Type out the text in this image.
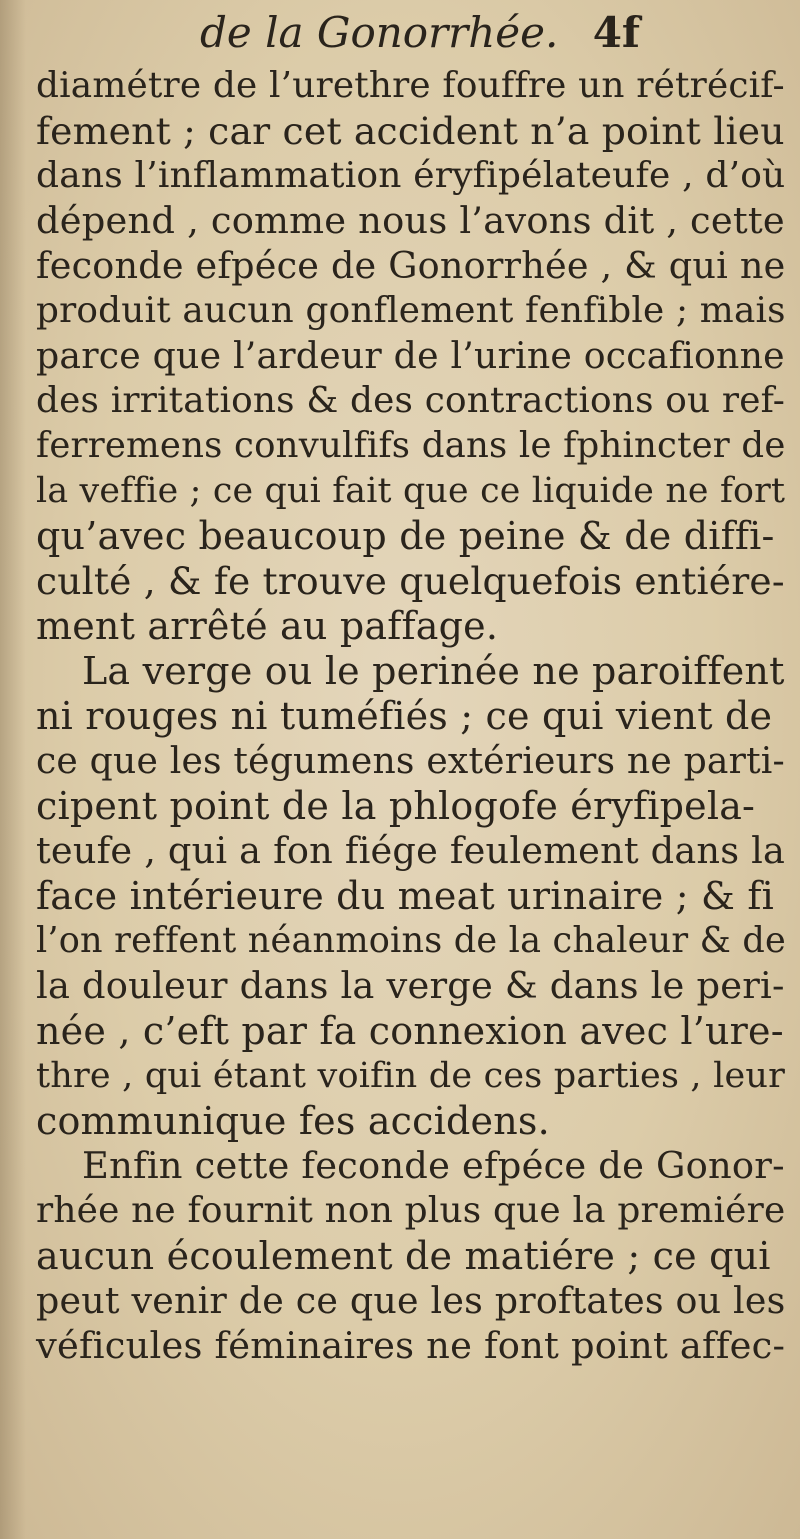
de la Gonorrhée. 4f
diamétre de l’urethre fouffre un rétrécif-
fement ; car cet accident n’a point lieu
dans l’inflammation éryfipélateufe , d’où
dépend , comme nous l’avons dit , cette
feconde efpéce de Gonorrhée , & qui ne
produit aucun gonflement fenfible ; mais
parce que l’ardeur de l’urine occafionne
des irritations & des contractions ou ref-
ferremens convulfifs dans le fphincter de
la veffie ; ce qui fait que ce liquide ne fort
qu’avec beaucoup de peine & de diffi-
culté , & fe trouve quelquefois entiére-
ment arrêté au paffage.
La verge ou le perinée ne paroiffent
ni rouges ni tuméfiés ; ce qui vient de
ce que les tégumens extérieurs ne parti-
cipent point de la phlogofe éryfipela-
teufe , qui a fon fiége feulement dans la
face intérieure du meat urinaire ; & fi
l’on reffent néanmoins de la chaleur & de
la douleur dans la verge & dans le peri-
née , c’eft par fa connexion avec l’ure-
thre , qui étant voifin de ces parties , leur
communique fes accidens.
Enfin cette feconde efpéce de Gonor-
rhée ne fournit non plus que la premiére
aucun écoulement de matiére ; ce qui
peut venir de ce que les proftates ou les
véficules féminaires ne font point affec-
